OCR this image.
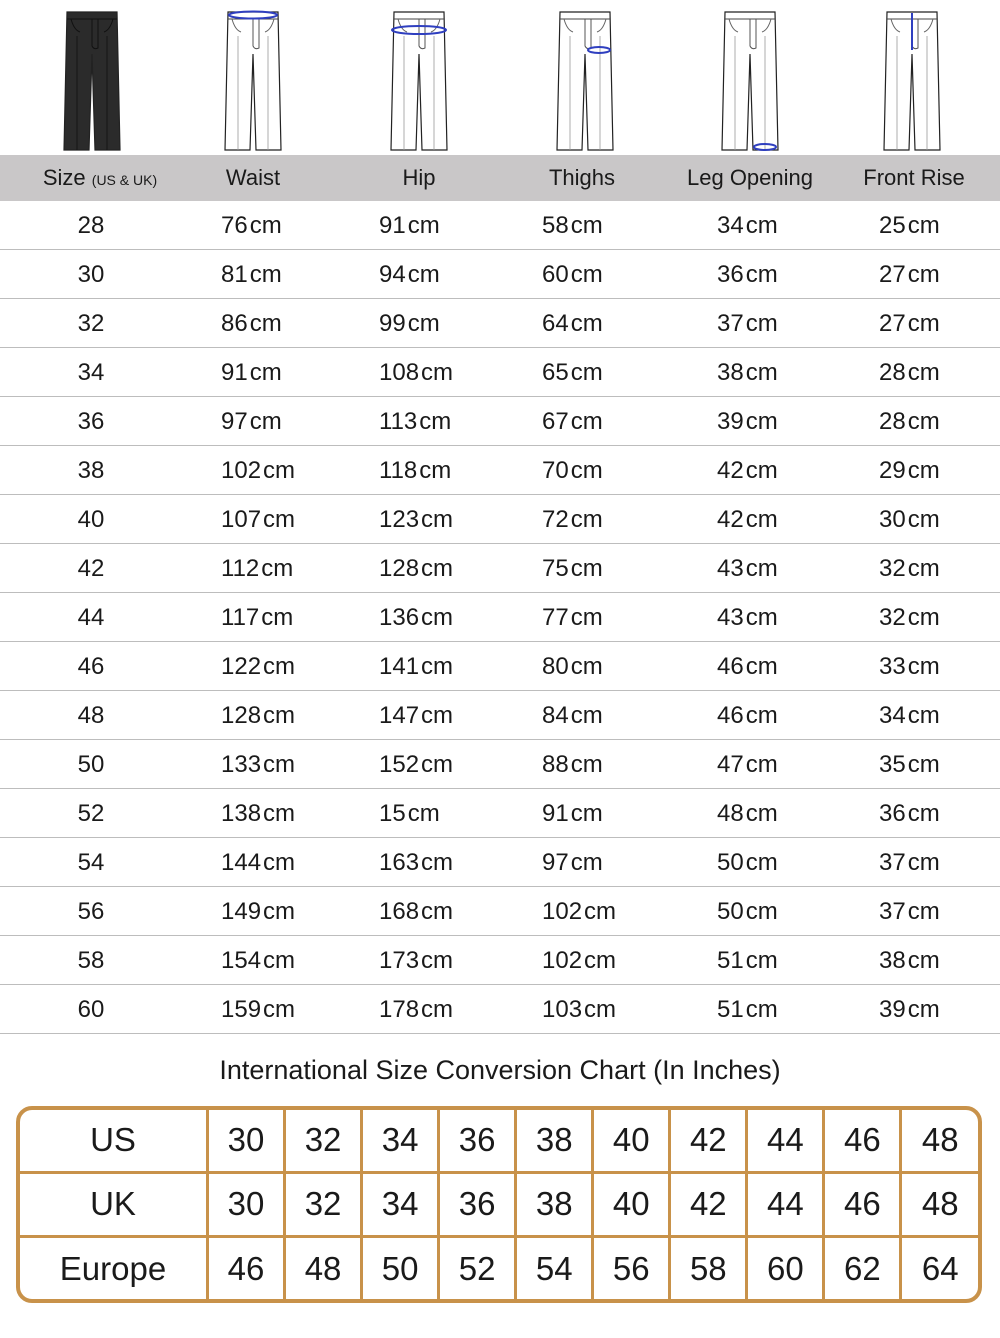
Size (US & UK)	Waist	Hip	Thighs	Leg Opening	Front Rise
28	76cm	91cm	58cm	34cm	25cm
30	81cm	94cm	60cm	36cm	27cm
32	86cm	99cm	64cm	37cm	27cm
34	91cm	108cm	65cm	38cm	28cm
36	97cm	113cm	67cm	39cm	28cm
38	102cm	118cm	70cm	42cm	29cm
40	107cm	123cm	72cm	42cm	30cm
42	112cm	128cm	75cm	43cm	32cm
44	117cm	136cm	77cm	43cm	32cm
46	122cm	141cm	80cm	46cm	33cm
48	128cm	147cm	84cm	46cm	34cm
50	133cm	152cm	88cm	47cm	35cm
52	138cm	15cm	91cm	48cm	36cm
54	144cm	163cm	97cm	50cm	37cm
56	149cm	168cm	102cm	50cm	37cm
58	154cm	173cm	102cm	51cm	38cm
60	159cm	178cm	103cm	51cm	39cm
International Size Conversion Chart (In Inches)
US	30	32	34	36	38	40	42	44	46	48
UK	30	32	34	36	38	40	42	44	46	48
Europe	46	48	50	52	54	56	58	60	62	64
